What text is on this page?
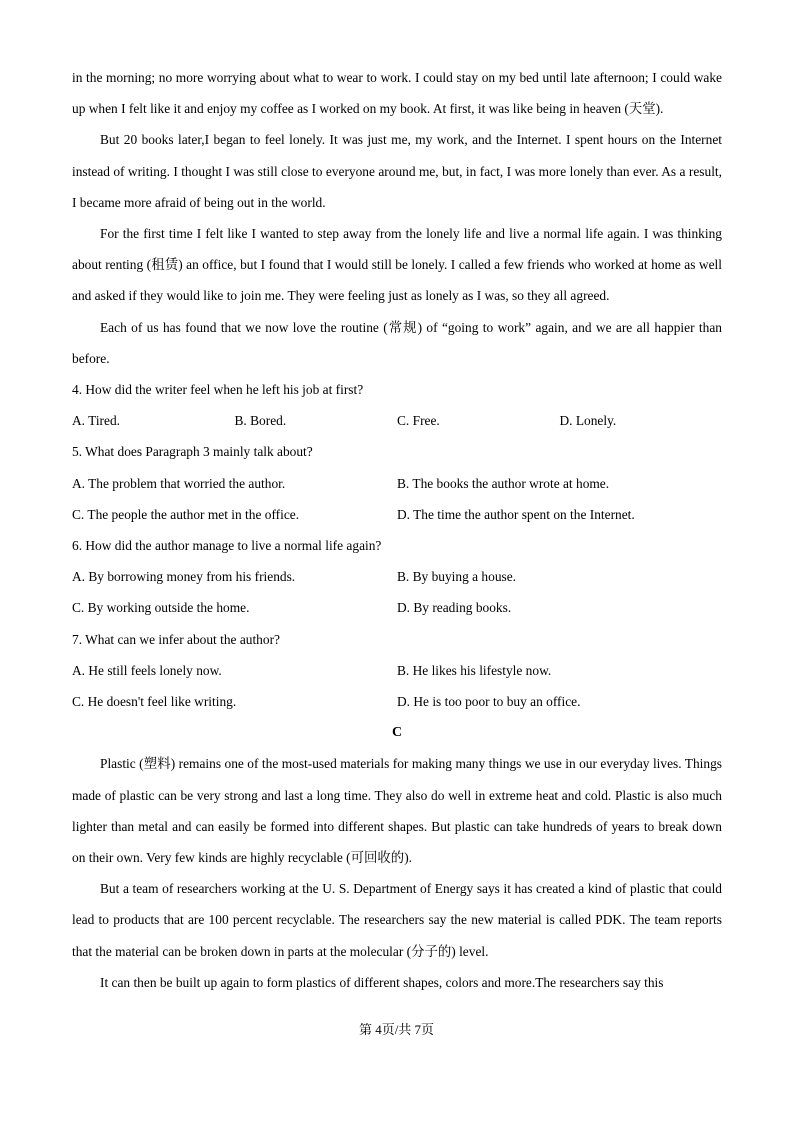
in the morning; no more worrying about what to wear to work. I could stay on my bed until late afternoon; I could wake up when I felt like it and enjoy my coffee as I worked on my book. At first, it was like being in heaven (天堂).

But 20 books later,I began to feel lonely. It was just me, my work, and the Internet. I spent hours on the Internet instead of writing. I thought I was still close to everyone around me, but, in fact, I was more lonely than ever. As a result, I became more afraid of being out in the world.

For the first time I felt like I wanted to step away from the lonely life and live a normal life again. I was thinking about renting (租赁) an office, but I found that I would still be lonely. I called a few friends who worked at home as well and asked if they would like to join me. They were feeling just as lonely as I was, so they all agreed.

Each of us has found that we now love the routine (常规) of “going to work” again, and we are all happier than before.

4. How did the writer feel when he left his job at first?

A. Tired.	B. Bored.	C. Free.	D. Lonely.

5. What does Paragraph 3 mainly talk about?

A. The problem that worried the author.	B. The books the author wrote at home.
C. The people the author met in the office.	D. The time the author spent on the Internet.

6. How did the author manage to live a normal life again?

A. By borrowing money from his friends.	B. By buying a house.
C. By working outside the home.	D. By reading books.

7. What can we infer about the author?

A. He still feels lonely now.	B. He likes his lifestyle now.
C. He doesn't feel like writing.	D. He is too poor to buy an office.

C

Plastic (塑料) remains one of the most-used materials for making many things we use in our everyday lives. Things made of plastic can be very strong and last a long time. They also do well in extreme heat and cold. Plastic is also much lighter than metal and can easily be formed into different shapes. But plastic can take hundreds of years to break down on their own. Very few kinds are highly recyclable (可回收的).

But a team of researchers working at the U. S. Department of Energy says it has created a kind of plastic that could lead to products that are 100 percent recyclable. The researchers say the new material is called PDK. The team reports that the material can be broken down in parts at the molecular (分子的) level.

It can then be built up again to form plastics of different shapes, colors and more.The researchers say this

第 4页/共 7页
